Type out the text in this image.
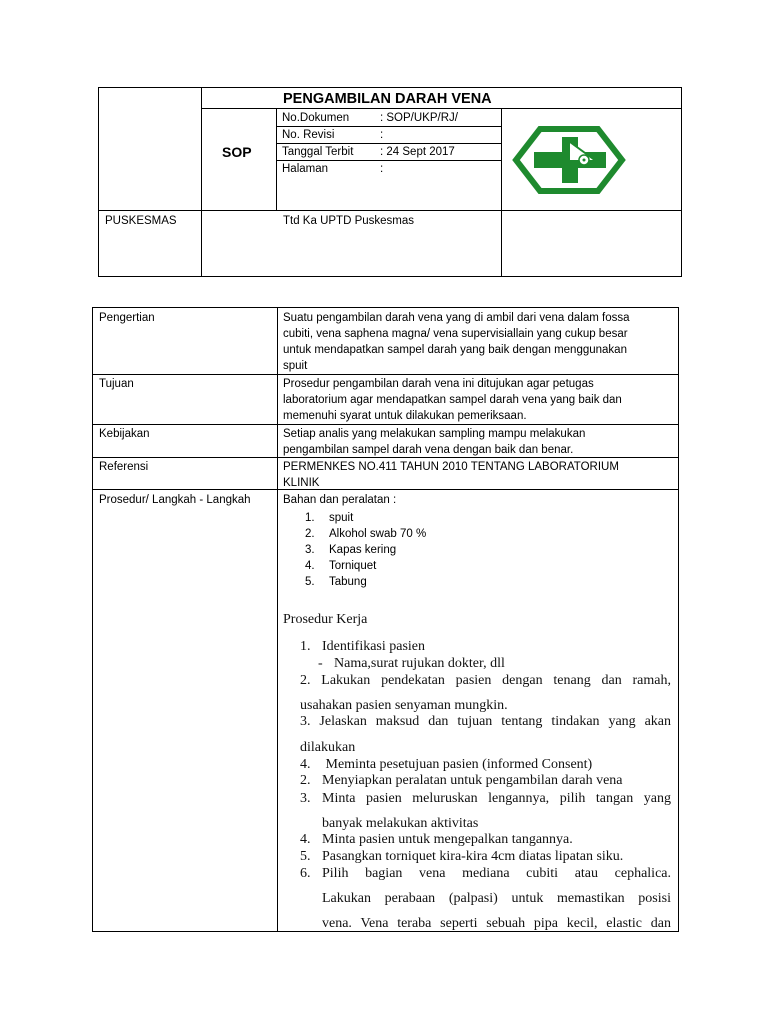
PENGAMBILAN DARAH VENA
SOP
No.Dokumen	: SOP/UKP/RJ/
No. Revisi	:
Tanggal Terbit : 24 Sept 2017
Halaman	:
PUSKESMAS	Ttd Ka UPTD Puskesmas
Pengertian	Suatu pengambilan darah vena yang di ambil dari vena dalam fossa
cubiti, vena saphena magna/ vena supervisiallain yang cukup besar
untuk mendapatkan sampel darah yang baik dengan menggunakan
spuit
Tujuan	Prosedur pengambilan darah vena ini ditujukan agar petugas
laboratorium agar mendapatkan sampel darah vena yang baik dan
memenuhi syarat untuk dilakukan pemeriksaan.
Kebijakan	Setiap analis yang melakukan sampling mampu melakukan
pengambilan sampel darah vena dengan baik dan benar.
Referensi	PERMENKES NO.411 TAHUN 2010 TENTANG LABORATORIUM
KLINIK
Prosedur/ Langkah - Langkah	Bahan dan peralatan :
1. spuit
2. Alkohol swab 70 %
3. Kapas kering
4. Torniquet
5. Tabung
Prosedur Kerja
1. Identifikasi pasien
- Nama,surat rujukan dokter, dll
2. Lakukan pendekatan pasien dengan tenang dan ramah,
usahakan pasien senyaman mungkin.
3. Jelaskan maksud dan tujuan tentang tindakan yang akan
dilakukan
4. Meminta pesetujuan pasien (informed Consent)
2. Menyiapkan peralatan untuk pengambilan darah vena
3. Minta pasien meluruskan lengannya, pilih tangan yang
banyak melakukan aktivitas
4. Minta pasien untuk mengepalkan tangannya.
5. Pasangkan torniquet kira-kira 4cm diatas lipatan siku.
6. Pilih bagian vena mediana cubiti atau cephalica.
Lakukan perabaan (palpasi) untuk memastikan posisi
vena. Vena teraba seperti sebuah pipa kecil, elastic dan
